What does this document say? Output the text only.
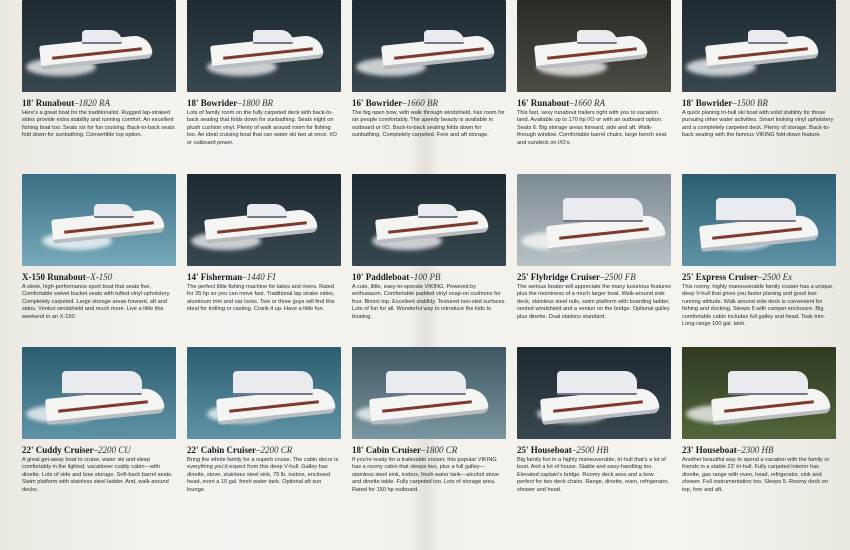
18' Runabout–1820 RA
Here's a great boat for the traditionalist. Rugged lap-straked sides provide extra stability and running comfort. An excellent fishing boat too. Seats six for fun cruising. Back-to-back seats fold down for sunbathing. Convertible top option.
18' Bowrider–1800 BR
Lots of family room on the fully carpeted deck with back-to-back seating that folds down for sunbathing. Seats eight on plush cushion vinyl. Plenty of walk around room for fishing too. An ideal cruising boat that can water ski two at once. I/O or outboard power.
16' Bowrider–1660 BR
The big open bow, with walk through windshield, has room for six people comfortably. The speedy beauty is available in outboard or I/O. Back-to-back seating folds down for sunbathing. Completely carpeted. Fore and aft storage.
16' Runabout–1660 RA
This fast, sexy runabout trailers right with you to vacation land. Available up to 170 hp I/O or with an outboard option. Seats 6. Big storage areas forward, side and aft. Walk-through window. Comfortable barrel chairs, large bench seat and sundeck on I/O's.
18' Bowrider–1500 BR
A quick planing tri-hull ski boat with solid stability for those pursuing other water activities. Smart looking vinyl upholstery and a completely carpeted deck. Plenty of storage. Back-to-back seating with the famous VIKING fold-down feature.
X-150 Runabout–X-150
A sleek, high-performance sport boat that seats five. Comfortable swivel bucket seats with tufted vinyl upholstery. Completely carpeted. Large storage areas forward, aft and sides. Venturi windshield and much more. Live a little this weekend in an X-150.
14' Fisherman–1440 FI
The perfect little fishing machine for lakes and rivers. Rated for 35 hp so you can move fast. Traditional lap strake sides, aluminum trim and oar locks. Two or three guys will find this ideal for trolling or casting. Crank it up. Have a little fun.
10' Paddleboat–100 PB
A cute, little, easy-to-operate VIKING. Powered by enthusiasm. Comfortable padded vinyl snap-on cushions for four. Bimini top. Excellent stability. Textured non-skid surfaces. Lots of fun for all. Wonderful way to introduce the kids to boating.
25' Flybridge Cruiser–2500 FB
The serious boater will appreciate the many luxurious features plus the roominess of a much larger boat. Walk-around side deck, stainless steel rails, swim platform with boarding ladder, vented windshield and a venturi on the bridge. Optional galley plus dinette. Dual stations standard.
25' Express Cruiser–2500 Ex
This roomy, highly maneuverable family cruiser has a unique, deep V-hull that gives you faster planing and good low-running attitude. Walk around side deck is convenient for fishing and docking. Sleeps 5 with camper enclosure. Big comfortable cabin includes full galley and head. Teak trim. Long-range 100 gal. tank.
22' Cuddy Cruiser–2200 CU
A great get-away boat to cruise, water ski and sleep comfortably in the lighted, vacationer cuddy cabin—with dinette. Lots of side and bow storage. Soft-back barrel seats. Swim platform with stainless steel ladder. And, walk-around decks.
22' Cabin Cruiser–2200 CR
Bring the whole family for a superb cruise. The cabin decor is everything you'd expect from this deep V-hull. Galley has dinette, stove, stainless steel sink, 75 lb. icebox, enclosed head, even a 10 gal. fresh water tank. Optional aft sun lounge.
18' Cabin Cruiser–1800 CR
If you're ready for a trailerable cruiser, this popular VIKING has a roomy cabin that sleeps two, plus a full galley—stainless steel sink, icebox, fresh water tank—alcohol stove and dinette table. Fully carpeted too. Lots of storage area. Rated for 150 hp outboard.
25' Houseboat–2500 HB
Big family fun in a highly maneuverable, tri-hull that's a lot of boat. And a lot of house. Stable and easy-handling too. Elevated captain's bridge. Roomy deck area and a bow perfect for two deck chairs. Range, dinette, oven, refrigerator, shower and head.
23' Houseboat–2300 HB
Another beautiful way to spend a vacation with the family or friends in a stable 23' tri-hull. Fully carpeted interior has dinette, gas range with oven, head, refrigerator, sink and shower. Full instrumentation too. Sleeps 5. Roomy deck on top, fore and aft.
